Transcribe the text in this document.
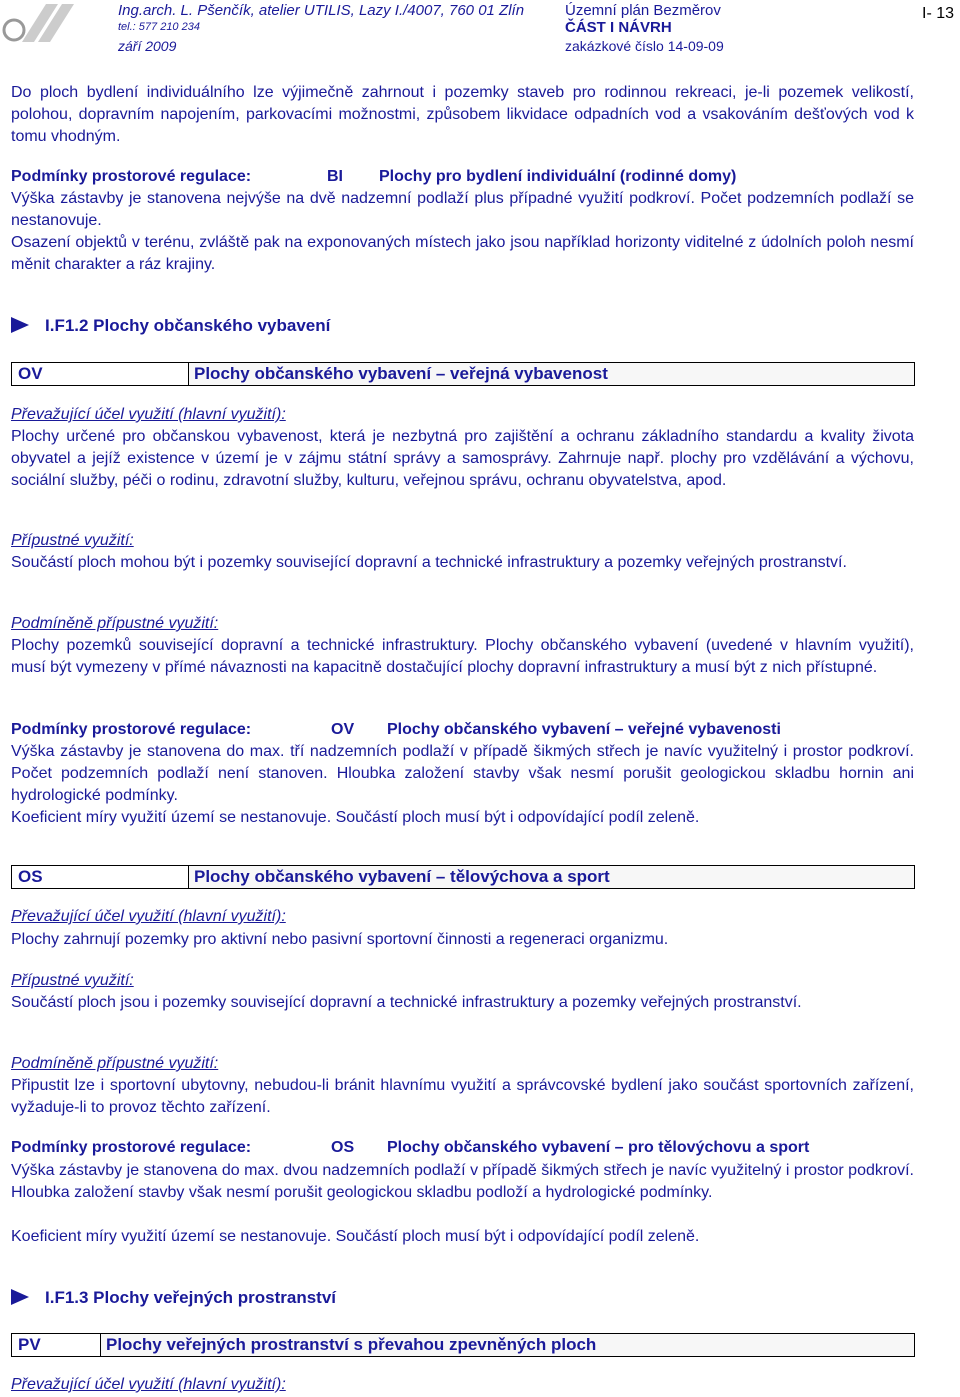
Ing.arch. L. Pšenčík, atelier UTILIS, Lazy I./4007, 760 01 Zlín
tel.: 577 210 234
září 2009
Územní plán Bezměrov
ČÁST I NÁVRH
zakázkové číslo 14-09-09
I- 13
Do ploch bydlení individuálního lze výjimečně zahrnout i pozemky staveb pro rodinnou rekreaci, je-li pozemek velikostí, polohou, dopravním napojením, parkovacími možnostmi, způsobem likvidace odpadních vod a vsakováním dešťových vod k tomu vhodným.
Podmínky prostorové regulace:	BI Plochy pro bydlení individuální (rodinné domy)
Výška zástavby je stanovena nejvýše na dvě nadzemní podlaží plus případné využití podkroví. Počet podzemních podlaží se nestanovuje.
Osazení objektů v terénu, zvláště pak na exponovaných místech jako jsou například horizonty viditelné z údolních poloh nesmí měnit charakter a ráz krajiny.
I.F1.2 Plochy občanského vybavení
OV	Plochy občanského vybavení – veřejná vybavenost
Převažující účel využití (hlavní využití):
Plochy určené pro občanskou vybavenost, která je nezbytná pro zajištění a ochranu základního standardu a kvality života obyvatel a jejíž existence v území je v zájmu státní správy a samosprávy. Zahrnuje např. plochy pro vzdělávání a výchovu, sociální služby, péči o rodinu, zdravotní služby, kulturu, veřejnou správu, ochranu obyvatelstva, apod.
Přípustné využití:
Součástí ploch mohou být i pozemky související dopravní a technické infrastruktury a pozemky veřejných prostranství.
Podmíněně přípustné využití:
Plochy pozemků související dopravní a technické infrastruktury. Plochy občanského vybavení (uvedené v hlavním využití), musí být vymezeny v přímé návaznosti na kapacitně dostačující plochy dopravní infrastruktury a musí být z nich přístupné.
Podmínky prostorové regulace:	OV Plochy občanského vybavení – veřejné vybavenosti
Výška zástavby je stanovena do max. tří nadzemních podlaží v případě šikmých střech je navíc využitelný i prostor podkroví. Počet podzemních podlaží není stanoven. Hloubka založení stavby však nesmí porušit geologickou skladbu hornin ani hydrologické podmínky.
Koeficient míry využití území se nestanovuje. Součástí ploch musí být i odpovídající podíl zeleně.
OS	Plochy občanského vybavení – tělovýchova a sport
Převažující účel využití (hlavní využití):
Plochy zahrnují pozemky pro aktivní nebo pasivní sportovní činnosti a regeneraci organizmu.
Přípustné využití:
Součástí ploch jsou i pozemky související dopravní a technické infrastruktury a pozemky veřejných prostranství.
Podmíněně přípustné využití:
Připustit lze i sportovní ubytovny, nebudou-li bránit hlavnímu využití a správcovské bydlení jako součást sportovních zařízení, vyžaduje-li to provoz těchto zařízení.
Podmínky prostorové regulace:	OS Plochy občanského vybavení – pro tělovýchovu a sport
Výška zástavby je stanovena do max. dvou nadzemních podlaží v případě šikmých střech je navíc využitelný i prostor podkroví. Hloubka založení stavby však nesmí porušit geologickou skladbu podloží a hydrologické podmínky.
Koeficient míry využití území se nestanovuje. Součástí ploch musí být i odpovídající podíl zeleně.
I.F1.3 Plochy veřejných prostranství
PV	Plochy veřejných prostranství s převahou zpevněných ploch
Převažující účel využití (hlavní využití):
